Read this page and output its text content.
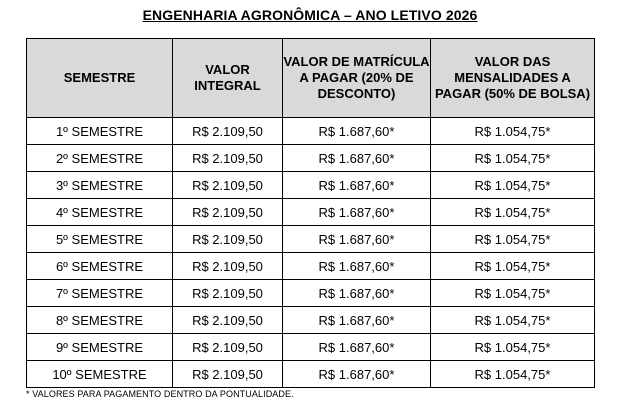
ENGENHARIA AGRONÔMICA – ANO LETIVO 2026
SEMESTRE	VALOR INTEGRAL	VALOR DE MATRÍCULA A PAGAR (20% DE DESCONTO)	VALOR DAS MENSALIDADES A PAGAR (50% DE BOLSA)
1º SEMESTRE	R$ 2.109,50	R$ 1.687,60*	R$ 1.054,75*
2º SEMESTRE	R$ 2.109,50	R$ 1.687,60*	R$ 1.054,75*
3º SEMESTRE	R$ 2.109,50	R$ 1.687,60*	R$ 1.054,75*
4º SEMESTRE	R$ 2.109,50	R$ 1.687,60*	R$ 1.054,75*
5º SEMESTRE	R$ 2.109,50	R$ 1.687,60*	R$ 1.054,75*
6º SEMESTRE	R$ 2.109,50	R$ 1.687,60*	R$ 1.054,75*
7º SEMESTRE	R$ 2.109,50	R$ 1.687,60*	R$ 1.054,75*
8º SEMESTRE	R$ 2.109,50	R$ 1.687,60*	R$ 1.054,75*
9º SEMESTRE	R$ 2.109,50	R$ 1.687,60*	R$ 1.054,75*
10º SEMESTRE	R$ 2.109,50	R$ 1.687,60*	R$ 1.054,75*
* VALORES PARA PAGAMENTO DENTRO DA PONTUALIDADE.
